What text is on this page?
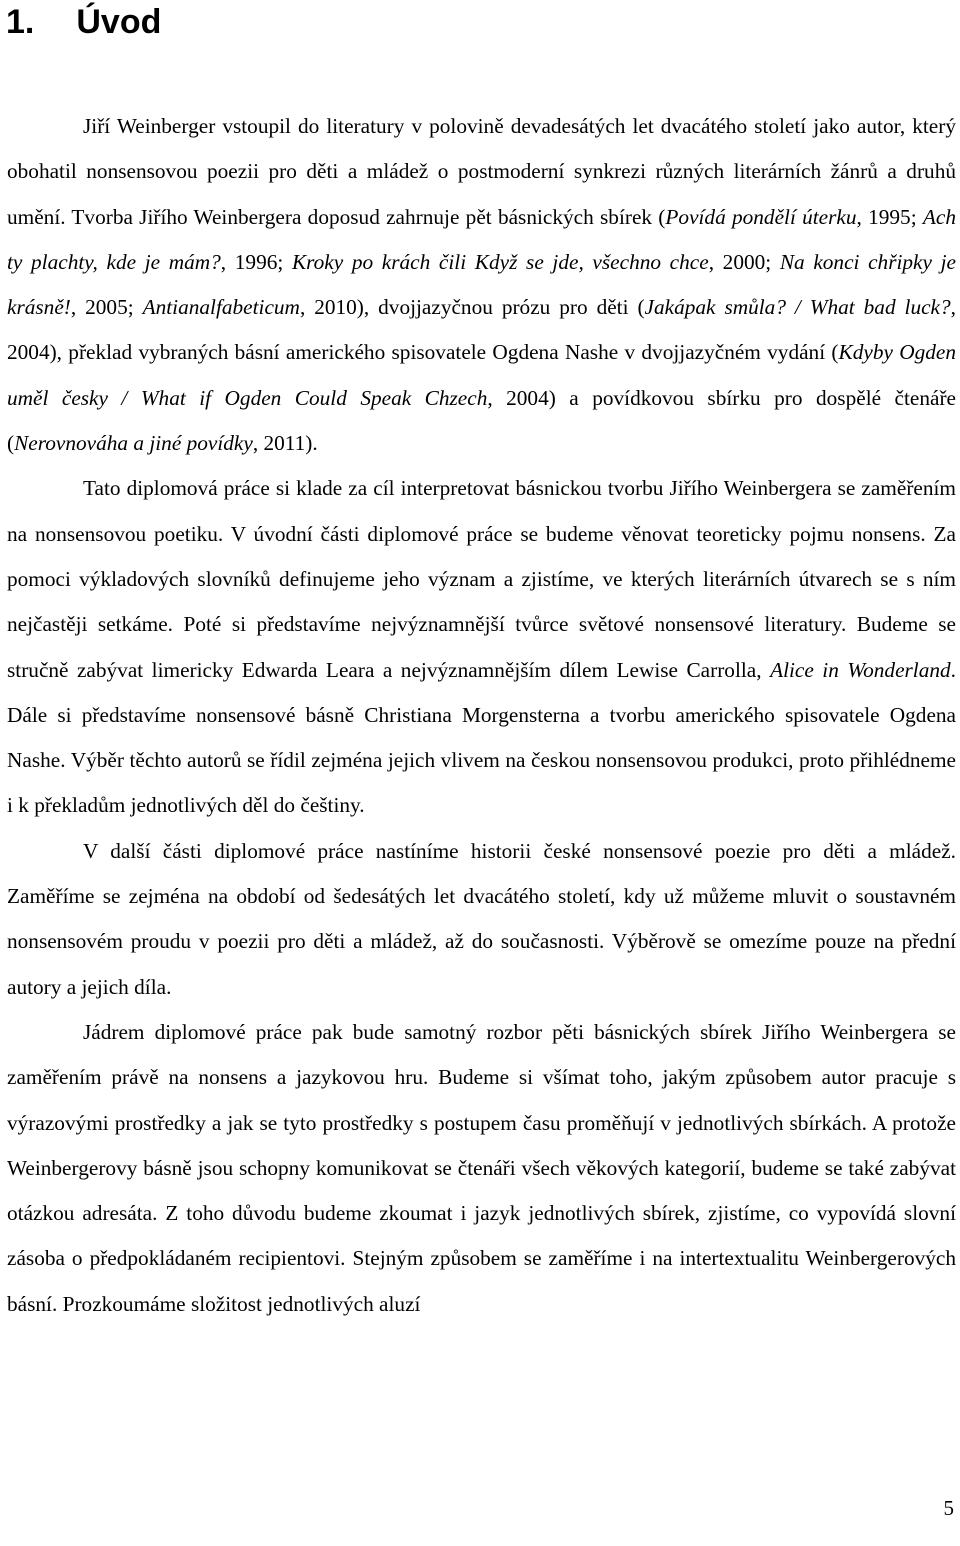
1. Úvod

Jiří Weinberger vstoupil do literatury v polovině devadesátých let dvacátého století jako autor, který obohatil nonsensovou poezii pro děti a mládež o postmoderní synkrezi různých literárních žánrů a druhů umění. Tvorba Jiřího Weinbergera doposud zahrnuje pět básnických sbírek (Povídá pondělí úterku, 1995; Ach ty plachty, kde je mám?, 1996; Kroky po krách čili Když se jde, všechno chce, 2000; Na konci chřipky je krásně!, 2005; Antianalfabeticum, 2010), dvojjazyčnou prózu pro děti (Jakápak smůla? / What bad luck?, 2004), překlad vybraných básní amerického spisovatele Ogdena Nashe v dvojjazyčném vydání (Kdyby Ogden uměl česky / What if Ogden Could Speak Chzech, 2004) a povídkovou sbírku pro dospělé čtenáře (Nerovnováha a jiné povídky, 2011).

Tato diplomová práce si klade za cíl interpretovat básnickou tvorbu Jiřího Weinbergera se zaměřením na nonsensovou poetiku. V úvodní části diplomové práce se budeme věnovat teoreticky pojmu nonsens. Za pomoci výkladových slovníků definujeme jeho význam a zjistíme, ve kterých literárních útvarech se s ním nejčastěji setkáme. Poté si představíme nejvýznamnější tvůrce světové nonsensové literatury. Budeme se stručně zabývat limericky Edwarda Leara a nejvýznamnějším dílem Lewise Carrolla, Alice in Wonderland. Dále si představíme nonsensové básně Christiana Morgensterna a tvorbu amerického spisovatele Ogdena Nashe. Výběr těchto autorů se řídil zejména jejich vlivem na českou nonsensovou produkci, proto přihlédneme i k překladům jednotlivých děl do češtiny.

V další části diplomové práce nastíníme historii české nonsensové poezie pro děti a mládež. Zaměříme se zejména na období od šedesátých let dvacátého století, kdy už můžeme mluvit o soustavném nonsensovém proudu v poezii pro děti a mládež, až do současnosti. Výběrově se omezíme pouze na přední autory a jejich díla.

Jádrem diplomové práce pak bude samotný rozbor pěti básnických sbírek Jiřího Weinbergera se zaměřením právě na nonsens a jazykovou hru. Budeme si všímat toho, jakým způsobem autor pracuje s výrazovými prostředky a jak se tyto prostředky s postupem času proměňují v jednotlivých sbírkách. A protože Weinbergerovy básně jsou schopny komunikovat se čtenáři všech věkových kategorií, budeme se také zabývat otázkou adresáta. Z toho důvodu budeme zkoumat i jazyk jednotlivých sbírek, zjistíme, co vypovídá slovní zásoba o předpokládaném recipientovi. Stejným způsobem se zaměříme i na intertextualitu Weinbergerových básní. Prozkoumáme složitost jednotlivých aluzí

5
